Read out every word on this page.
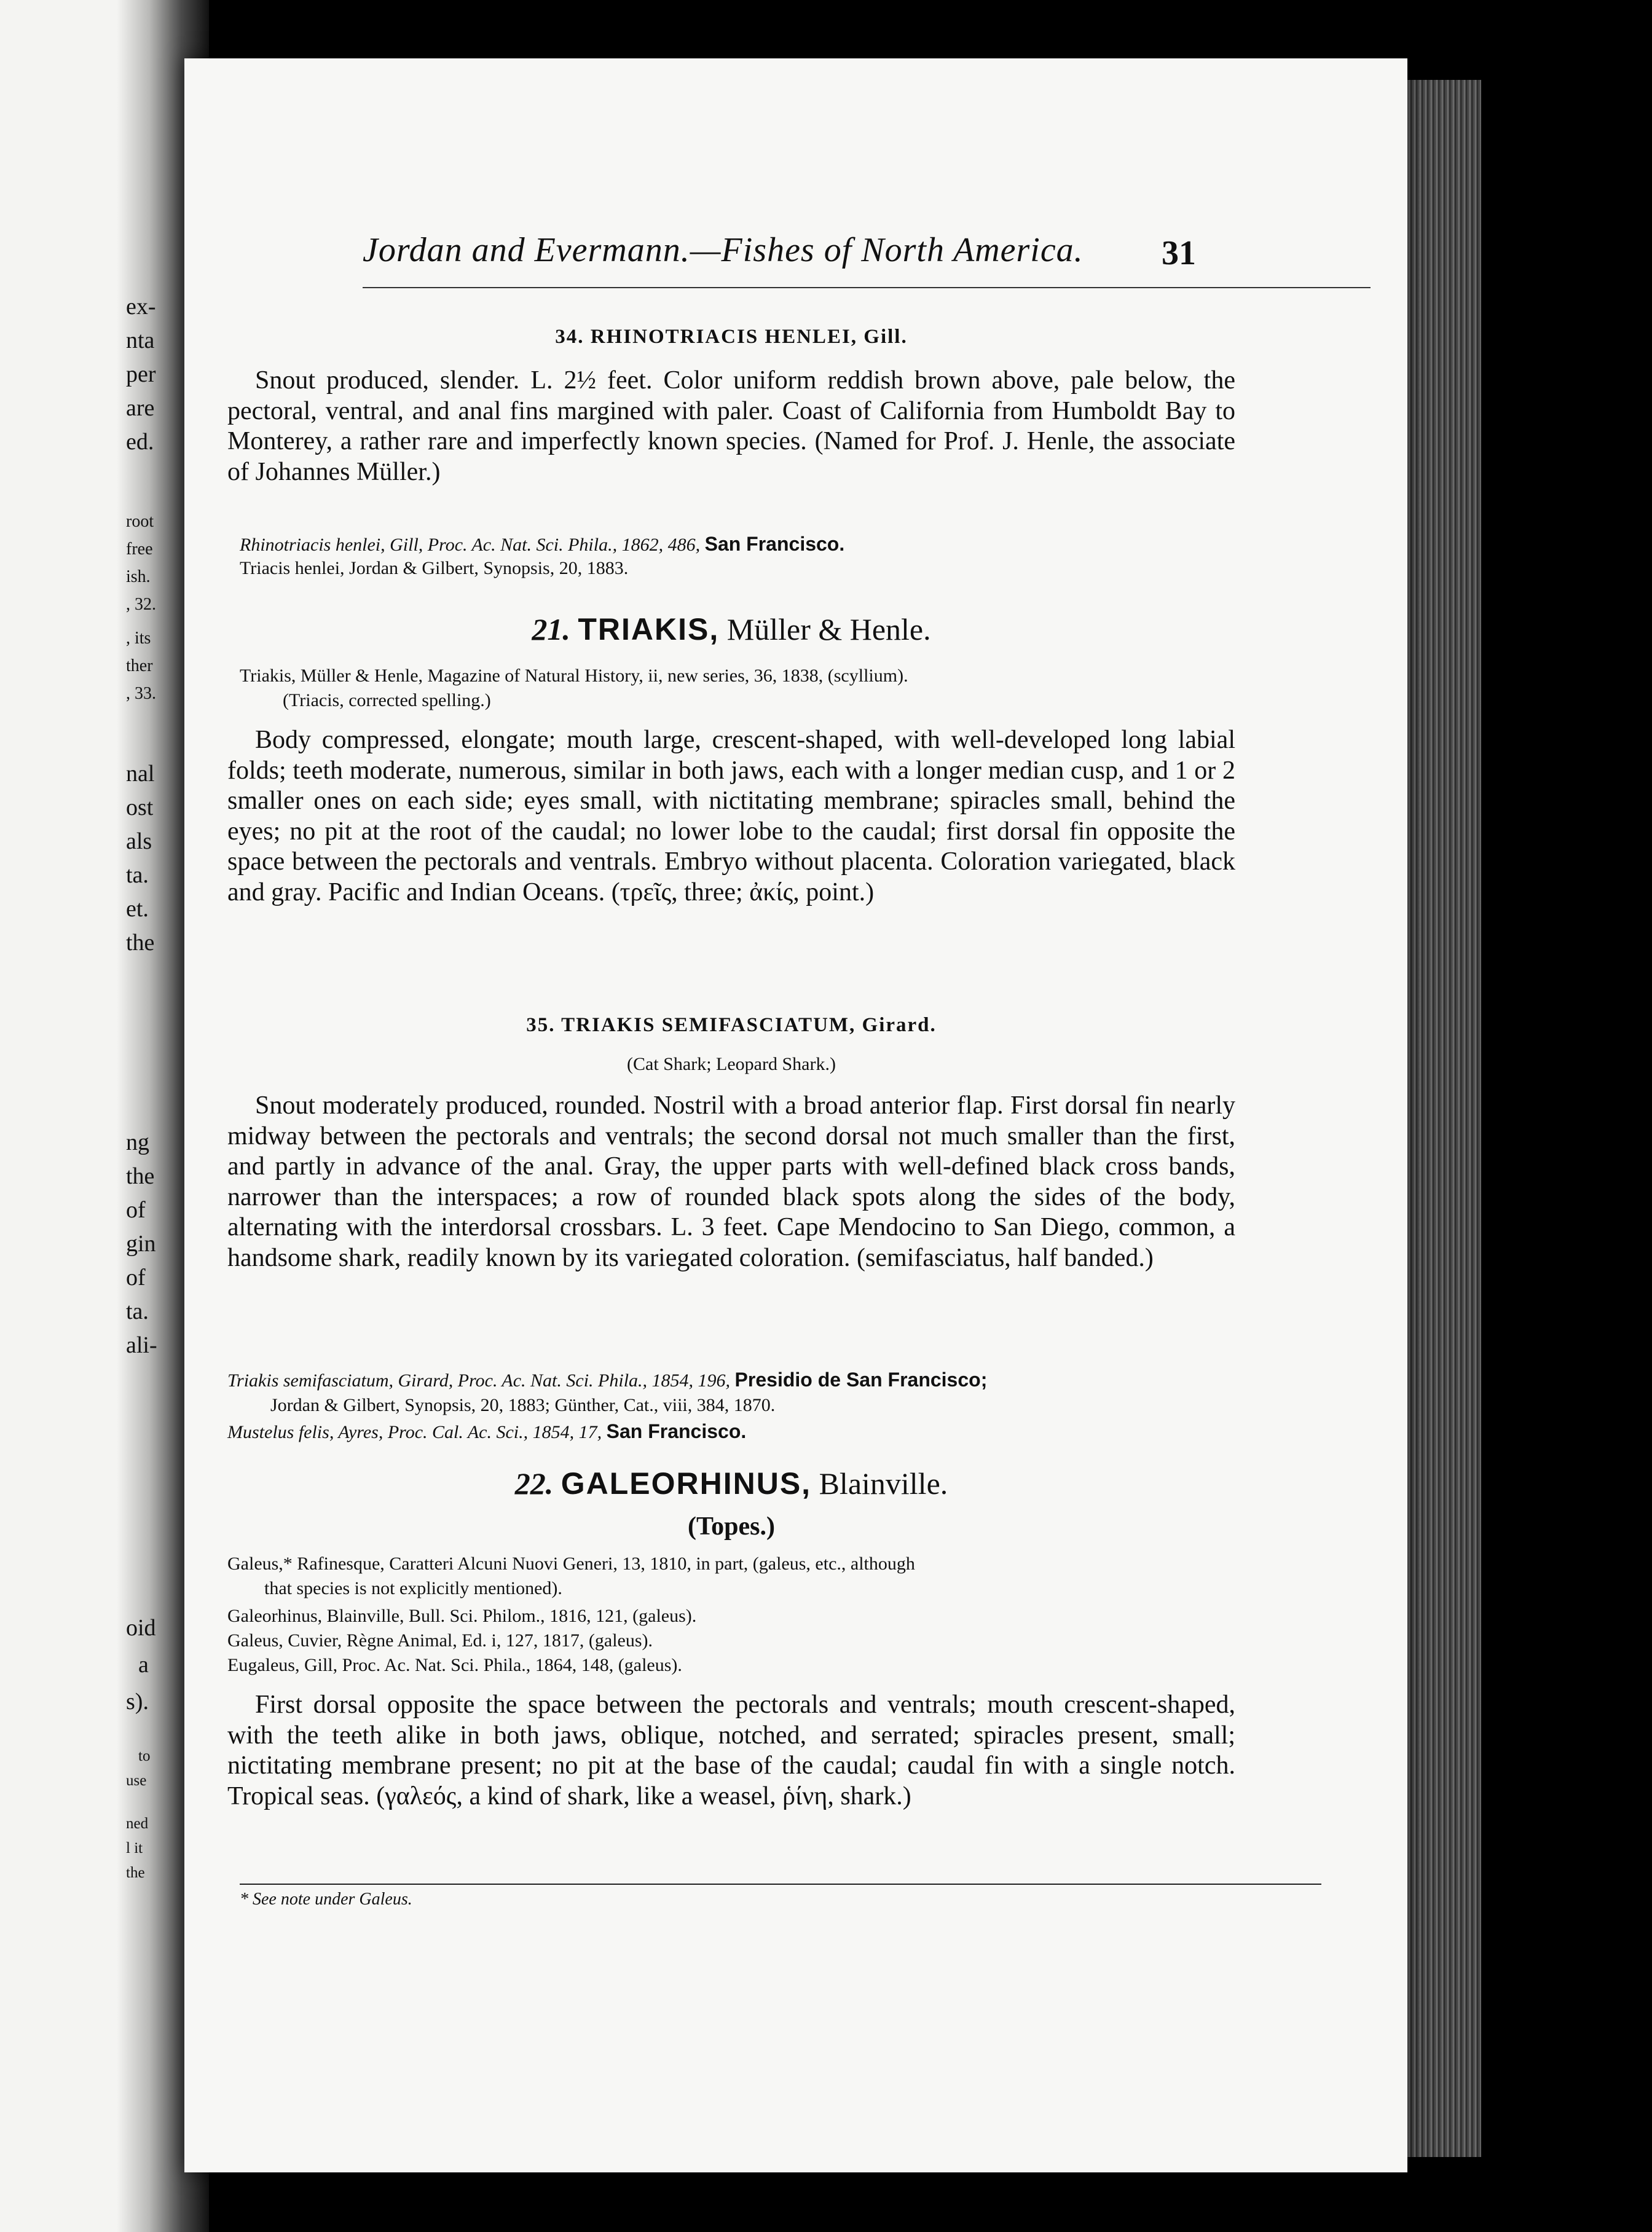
ex-
nta
per
are
ed.
root
free
ish.
, 32.
, its
ther
, 33.
nal
ost
als
ta.
et.
the
ng
the
of
gin
of
ta.
ali-
oid
a
s).
to
use
ned
l it
the
Jordan and Evermann.—Fishes of North America. 31
34. RHINOTRIACIS HENLEI, Gill.

Snout produced, slender. L. 2½ feet. Color uniform reddish brown above, pale below, the pectoral, ventral, and anal fins margined with paler. Coast of California from Humboldt Bay to Monterey, a rather rare and imperfectly known species. (Named for Prof. J. Henle, the associate of Johannes Müller.)

Rhinotriacis henlei, Gill, Proc. Ac. Nat. Sci. Phila., 1862, 486, San Francisco.
Triacis henlei, Jordan & Gilbert, Synopsis, 20, 1883.
21. TRIAKIS, Müller & Henle.
Triakis, Müller & Henle, Magazine of Natural History, ii, new series, 36, 1838, (scyllium).
(Triacis, corrected spelling.)

Body compressed, elongate; mouth large, crescent-shaped, with well-developed long labial folds; teeth moderate, numerous, similar in both jaws, each with a longer median cusp, and 1 or 2 smaller ones on each side; eyes small, with nictitating membrane; spiracles small, behind the eyes; no pit at the root of the caudal; no lower lobe to the caudal; first dorsal fin opposite the space between the pectorals and ventrals. Embryo without placenta. Coloration variegated, black and gray. Pacific and Indian Oceans. (τρεῖς, three; ἀκίς, point.)

35. TRIAKIS SEMIFASCIATUM, Girard.
(Cat Shark; Leopard Shark.)

Snout moderately produced, rounded. Nostril with a broad anterior flap. First dorsal fin nearly midway between the pectorals and ventrals; the second dorsal not much smaller than the first, and partly in advance of the anal. Gray, the upper parts with well-defined black cross bands, narrower than the interspaces; a row of rounded black spots along the sides of the body, alternating with the interdorsal crossbars. L. 3 feet. Cape Mendocino to San Diego, common, a handsome shark, readily known by its variegated coloration. (semifasciatus, half banded.)

Triakis semifasciatum, Girard, Proc. Ac. Nat. Sci. Phila., 1854, 196, Presidio de San Francisco;
Jordan & Gilbert, Synopsis, 20, 1883; Günther, Cat., viii, 384, 1870.
Mustelus felis, Ayres, Proc. Cal. Ac. Sci., 1854, 17, San Francisco.
22. GALEORHINUS, Blainville.
(Topes.)
Galeus,* Rafinesque, Caratteri Alcuni Nuovi Generi, 13, 1810, in part, (galeus, etc., although
that species is not explicitly mentioned).
Galeorhinus, Blainville, Bull. Sci. Philom., 1816, 121, (galeus).
Galeus, Cuvier, Règne Animal, Ed. i, 127, 1817, (galeus).
Eugaleus, Gill, Proc. Ac. Nat. Sci. Phila., 1864, 148, (galeus).

First dorsal opposite the space between the pectorals and ventrals; mouth crescent-shaped, with the teeth alike in both jaws, oblique, notched, and serrated; spiracles present, small; nictitating membrane present; no pit at the base of the caudal; caudal fin with a single notch. Tropical seas. (γαλεός, a kind of shark, like a weasel, ῥίνη, shark.)

* See note under Galeus.
